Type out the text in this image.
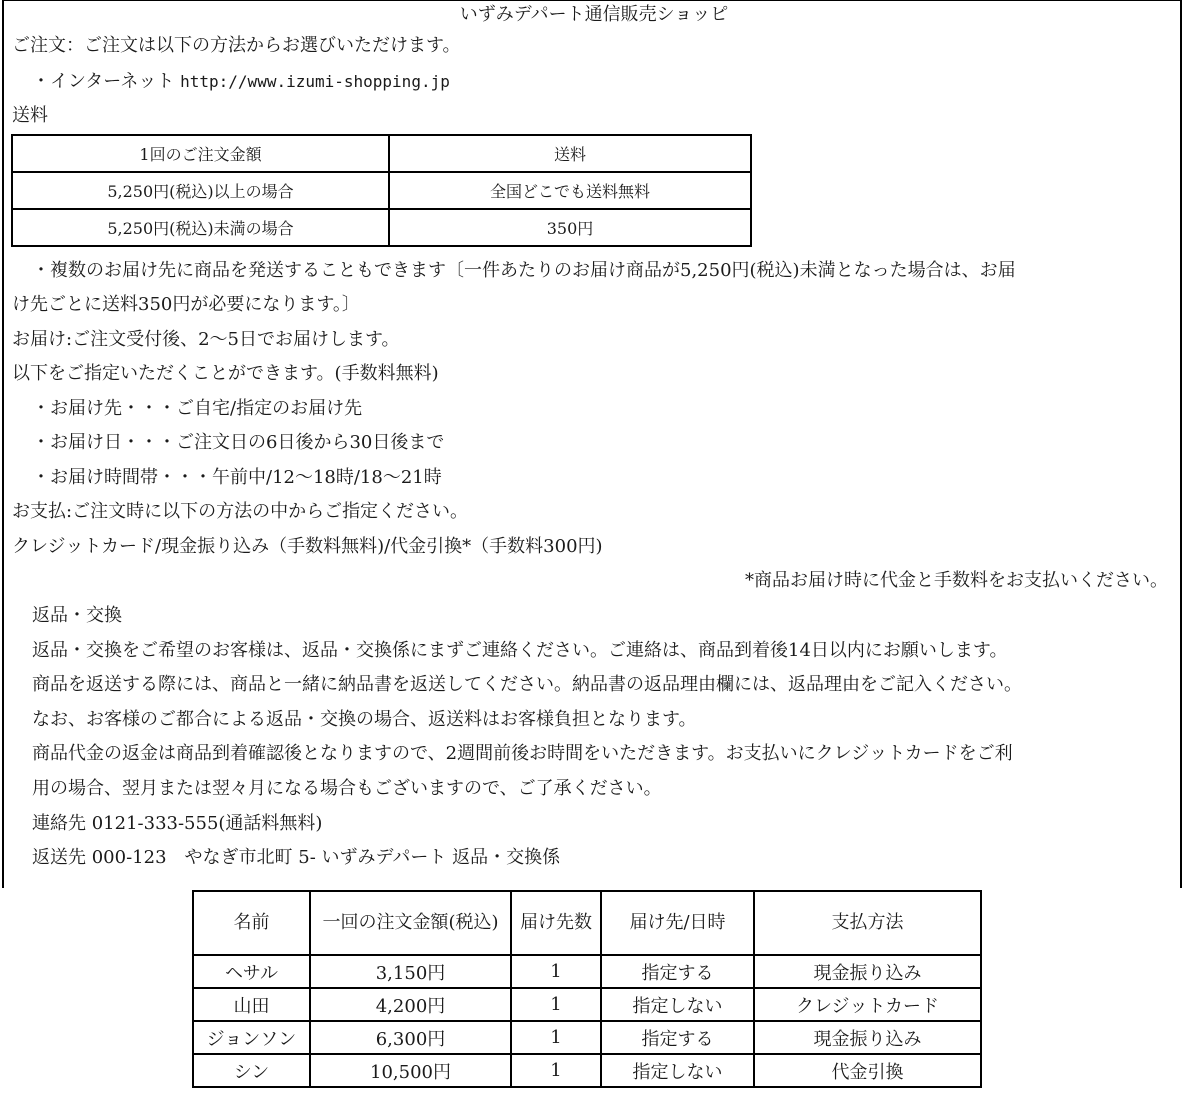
いずみデパート通信販売ショッピ
ご注文：ご注文は以下の方法からお選びいただけます。
・インターネット http://www.izumi-shopping.jp
送料
1回のご注文金額	送料
5,250円(税込)以上の場合	全国どこでも送料無料
5,250円(税込)未満の場合	350円
・複数のお届け先に商品を発送することもできます〔一件あたりのお届け商品が5,250円(税込)未満となった場合は、お届
け先ごとに送料350円が必要になります。〕
お届け:ご注文受付後、2〜5日でお届けします。
以下をご指定いただくことができます。(手数料無料)
・お届け先・・・ご自宅/指定のお届け先
・お届け日・・・ご注文日の6日後から30日後まで
・お届け時間帯・・・午前中/12〜18時/18〜21時
お支払:ご注文時に以下の方法の中からご指定ください。
クレジットカード/現金振り込み（手数料無料)/代金引換*（手数料300円)
*商品お届け時に代金と手数料をお支払いください。
返品・交換
返品・交換をご希望のお客様は、返品・交換係にまずご連絡ください。ご連絡は、商品到着後14日以内にお願いします。
商品を返送する際には、商品と一緒に納品書を返送してください。納品書の返品理由欄には、返品理由をご記入ください。
なお、お客様のご都合による返品・交換の場合、返送料はお客様負担となります。
商品代金の返金は商品到着確認後となりますので、2週間前後お時間をいただきます。お支払いにクレジットカードをご利
用の場合、翌月または翌々月になる場合もございますので、ご了承ください。
連絡先 0121-333-555(通話料無料)
返送先 000-123　やなぎ市北町 5- いずみデパート 返品・交換係
名前	一回の注文金額(税込)	届け先数	届け先/日時	支払方法
ヘサル	3,150円	1	指定する	現金振り込み
山田	4,200円	1	指定しない	クレジットカード
ジョンソン	6,300円	1	指定する	現金振り込み
シン	10,500円	1	指定しない	代金引換
